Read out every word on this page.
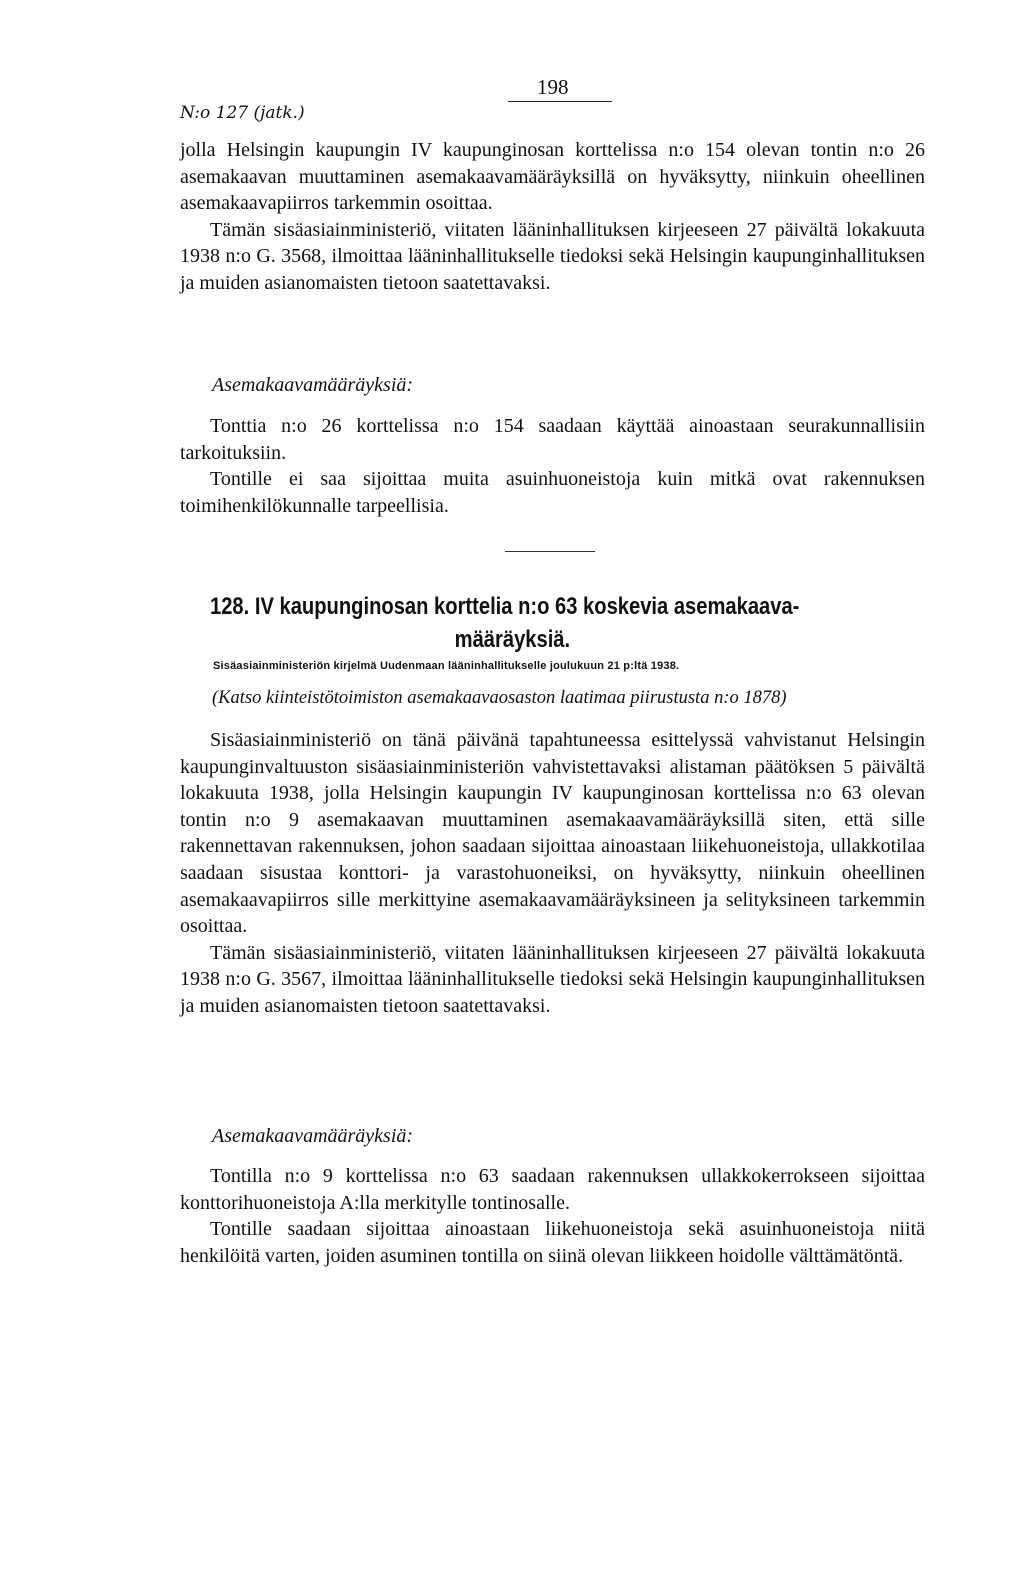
N:o 127 (jatk.)
198

jolla Helsingin kaupungin IV kaupunginosan korttelissa n:o 154 olevan tontin n:o 26 asemakaavan muuttaminen asemakaavamääräyksillä on hyväksytty, niinkuin oheellinen asemakaavapiirros tarkemmin osoittaa.

Tämän sisäasiainministeriö, viitaten lääninhallituksen kirjeeseen 27 päivältä lokakuuta 1938 n:o G. 3568, ilmoittaa lääninhallitukselle tiedoksi sekä Helsingin kaupunginhallituksen ja muiden asianomaisten tietoon saatettavaksi.

Asemakaavamääräyksiä:

Tonttia n:o 26 korttelissa n:o 154 saadaan käyttää ainoastaan seurakunnallisiin tarkoituksiin.

Tontille ei saa sijoittaa muita asuinhuoneistoja kuin mitkä ovat rakennuksen toimihenkilökunnalle tarpeellisia.

128. IV kaupunginosan korttelia n:o 63 koskevia asemakaava-
määräyksiä.
Sisäasiainministeriön kirjelmä Uudenmaan lääninhallitukselle joulukuun 21 p:ltä 1938.
(Katso kiinteistötoimiston asemakaavaosaston laatimaa piirustusta n:o 1878)

Sisäasiainministeriö on tänä päivänä tapahtuneessa esittelyssä vahvistanut Helsingin kaupunginvaltuuston sisäasiainministeriön vahvistettavaksi alistaman päätöksen 5 päivältä lokakuuta 1938, jolla Helsingin kaupungin IV kaupunginosan korttelissa n:o 63 olevan tontin n:o 9 asemakaavan muuttaminen asemakaavamääräyksillä siten, että sille rakennettavan rakennuksen, johon saadaan sijoittaa ainoastaan liikehuoneistoja, ullakkotilaa saadaan sisustaa konttori- ja varastohuoneiksi, on hyväksytty, niinkuin oheellinen asemakaavapiirros sille merkittyine asemakaavamääräyksineen ja selityksineen tarkemmin osoittaa.

Tämän sisäasiainministeriö, viitaten lääninhallituksen kirjeeseen 27 päivältä lokakuuta 1938 n:o G. 3567, ilmoittaa lääninhallitukselle tiedoksi sekä Helsingin kaupunginhallituksen ja muiden asianomaisten tietoon saatettavaksi.

Asemakaavamääräyksiä:

Tontilla n:o 9 korttelissa n:o 63 saadaan rakennuksen ullakkokerrokseen sijoittaa konttorihuoneistoja A:lla merkitylle tontinosalle.

Tontille saadaan sijoittaa ainoastaan liikehuoneistoja sekä asuinhuoneistoja niitä henkilöitä varten, joiden asuminen tontilla on siinä olevan liikkeen hoidolle välttämätöntä.
